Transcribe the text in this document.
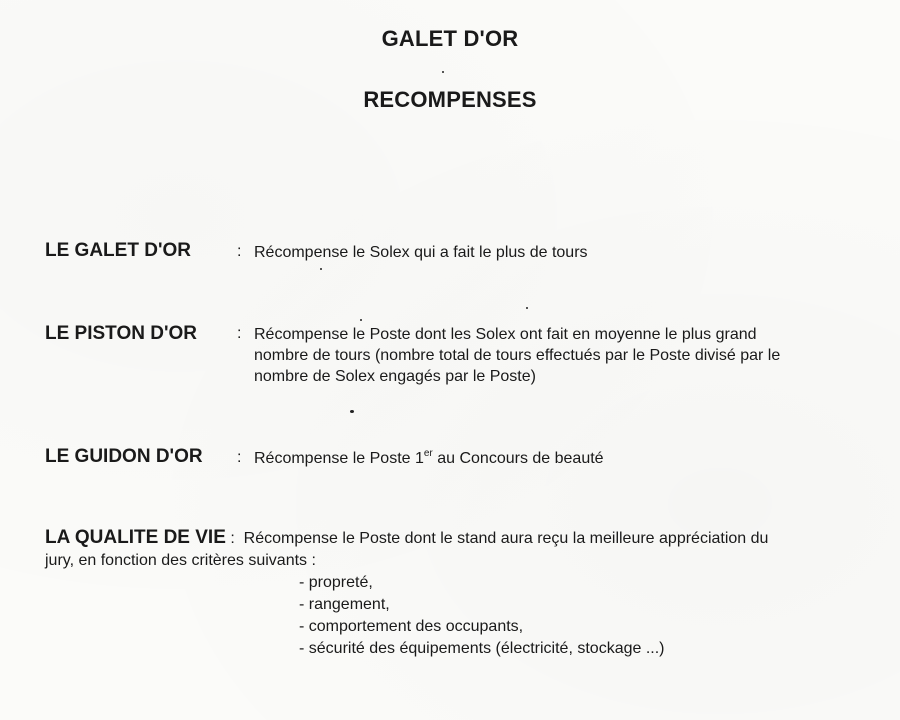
GALET D'OR
RECOMPENSES
LE GALET D'OR	: Récompense le Solex qui a fait le plus de tours
LE PISTON D'OR	: Récompense le Poste dont les Solex ont fait en moyenne le plus grand
nombre de tours (nombre total de tours effectués par le Poste divisé par le
nombre de Solex engagés par le Poste)
LE GUIDON D'OR : Récompense le Poste 1er au Concours de beauté
LA QUALITE DE VIE : Récompense le Poste dont le stand aura reçu la meilleure appréciation du
jury, en fonction des critères suivants :
- propreté,
- rangement,
- comportement des occupants,
- sécurité des équipements (électricité, stockage ...)
